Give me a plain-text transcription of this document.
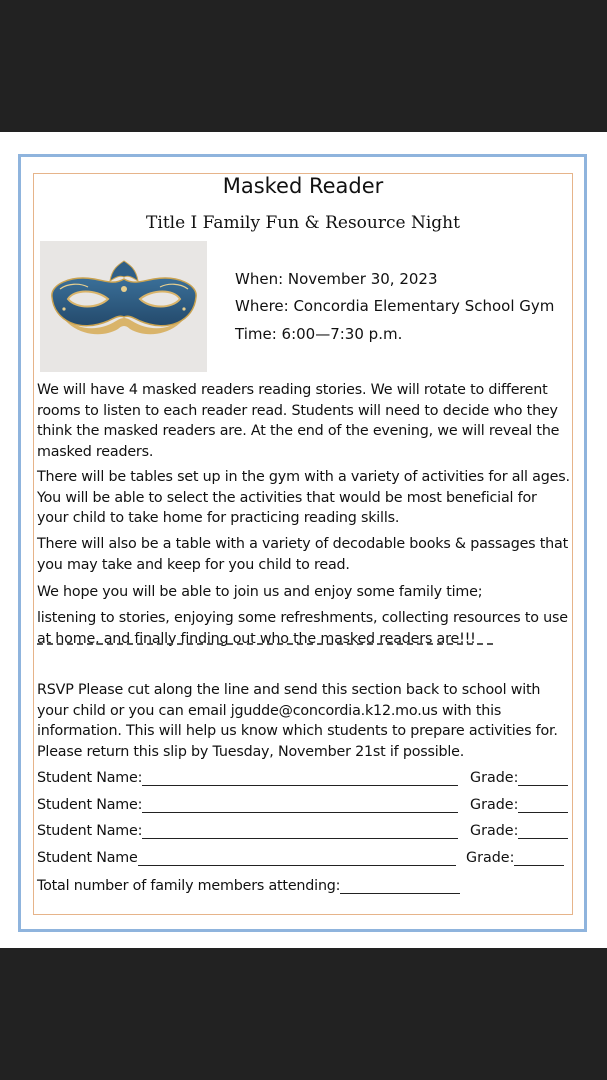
Masked Reader
Title I Family Fun & Resource Night
When: November 30, 2023
Where: Concordia Elementary School Gym
Time: 6:00—7:30 p.m.
We will have 4 masked readers reading stories. We will rotate to different rooms to listen to each reader read. Students will need to decide who they think the masked readers are. At the end of the evening, we will reveal the masked readers.
There will be tables set up in the gym with a variety of activities for all ages. You will be able to select the activities that would be most beneficial for your child to take home for practicing reading skills.
There will also be a table with a variety of decodable books & passages that you may take and keep for you child to read.
We hope you will be able to join us and enjoy some family time;
listening to stories, enjoying some refreshments, collecting resources to use at home, and finally finding out who the masked readers are!!!
RSVP Please cut along the line and send this section back to school with your child or you can email jgudde@concordia.k12.mo.us with this information. This will help us know which students to prepare activities for. Please return this slip by Tuesday, November 21st if possible.
Student Name:	Grade:
Student Name:	Grade:
Student Name:	Grade:
Student Name	Grade:
Total number of family members attending:
